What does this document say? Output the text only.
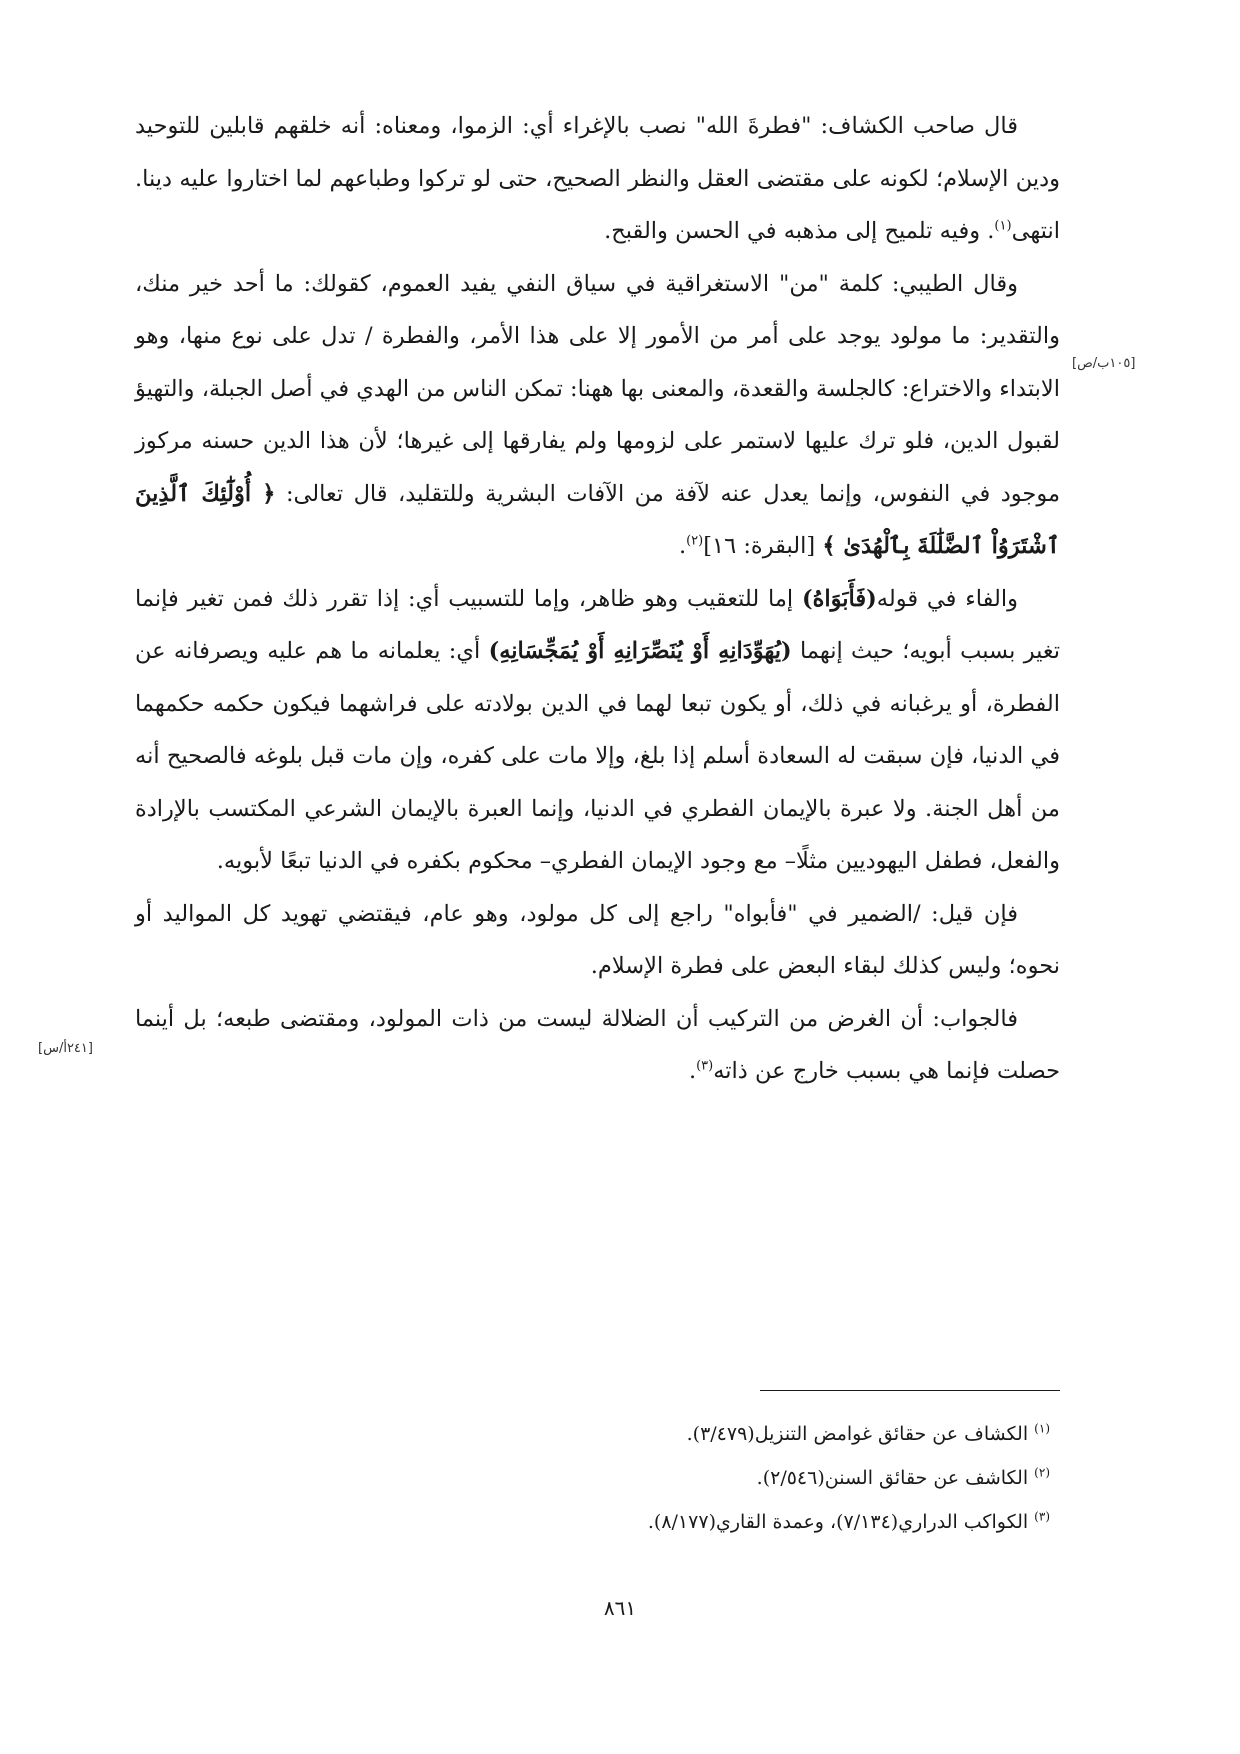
قال صاحب الكشاف: "فطرةَ الله" نصب بالإغراء أي: الزموا، ومعناه: أنه خلقهم قابلين للتوحيد ودين الإسلام؛ لكونه على مقتضى العقل والنظر الصحيح، حتى لو تركوا وطباعهم لما اختاروا عليه دينا. انتهى$^{(١)}$. وفيه تلميح إلى مذهبه في الحسن والقبح.

وقال الطيبي: كلمة "من" الاستغراقية في سياق النفي يفيد العموم، كقولك: ما أحد خير منك، والتقدير: ما مولود يوجد على أمر من الأمور إلا على هذا الأمر، والفطرة / تدل على نوع منها، وهو الابتداء والاختراع: كالجلسة والقعدة، والمعنى بها ههنا: تمكن الناس من الهدي في أصل الجبلة، والتهيؤ لقبول الدين، فلو ترك عليها لاستمر على لزومها ولم يفارقها إلى غيرها؛ لأن هذا الدين حسنه مركوز موجود في النفوس، وإنما يعدل عنه لآفة من الآفات البشرية وللتقليد، قال تعالى: ﴿ أُوْلَٰٓئِكَ ٱلَّذِينَ ٱشْتَرَوُاْ ٱلضَّلَٰلَةَ بِٱلْهُدَىٰ ﴾ [البقرة: ١٦]$^{(٢)}$.

والفاء في قوله(فَأَبَوَاهُ) إما للتعقيب وهو ظاهر، وإما للتسبيب أي: إذا تقرر ذلك فمن تغير فإنما تغير بسبب أبويه؛ حيث إنهما (يُهَوِّدَانِهِ أَوْ يُنَصِّرَانِهِ أَوْ يُمَجِّسَانِهِ) أي: يعلمانه ما هم عليه ويصرفانه عن الفطرة، أو يرغبانه في ذلك، أو يكون تبعا لهما في الدين بولادته على فراشهما فيكون حكمه حكمهما في الدنيا، فإن سبقت له السعادة أسلم إذا بلغ، وإلا مات على كفره، وإن مات قبل بلوغه فالصحيح أنه من أهل الجنة. ولا عبرة بالإيمان الفطري في الدنيا، وإنما العبرة بالإيمان الشرعي المكتسب بالإرادة والفعل، فطفل اليهوديين مثلًا– مع وجود الإيمان الفطري– محكوم بكفره في الدنيا تبعًا لأبويه.

فإن قيل: /الضمير في "فأبواه" راجع إلى كل مولود، وهو عام، فيقتضي تهويد كل المواليد أو نحوه؛ وليس كذلك لبقاء البعض على فطرة الإسلام.

فالجواب: أن الغرض من التركيب أن الضلالة ليست من ذات المولود، ومقتضى طبعه؛ بل أينما حصلت فإنما هي بسبب خارج عن ذاته$^{(٣)}$.

[١٠٥ب/ص]
[٢٤١أ/س]

$^{(١)}$ الكشاف عن حقائق غوامض التنزيل(٣/٤٧٩).

$^{(٢)}$ الكاشف عن حقائق السنن(٢/٥٤٦).

$^{(٣)}$ الكواكب الدراري(٧/١٣٤)، وعمدة القاري(٨/١٧٧).

٨٦١
